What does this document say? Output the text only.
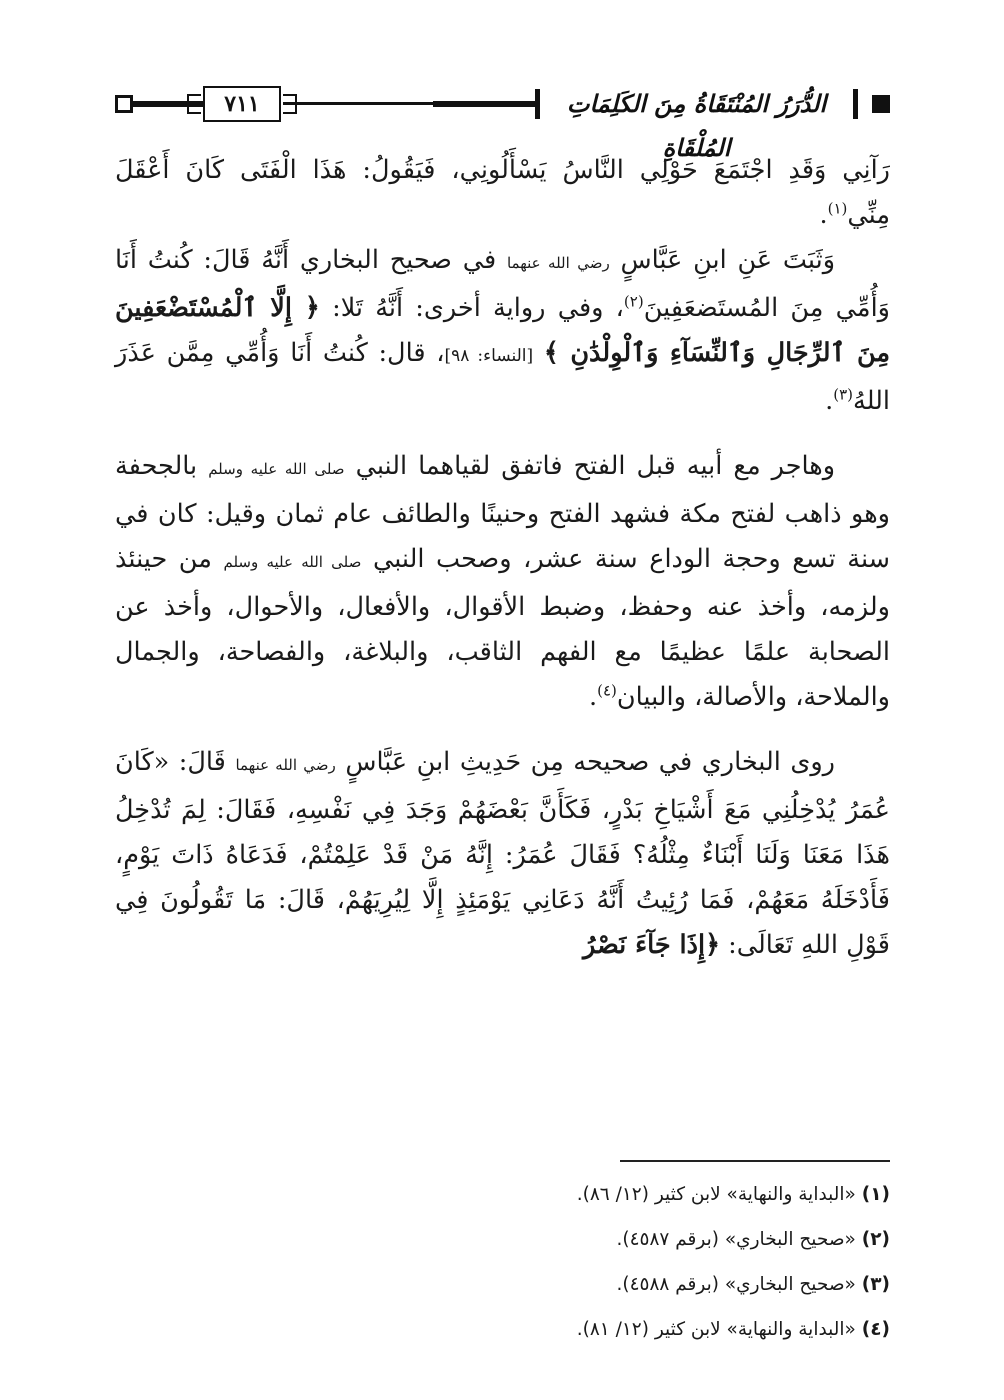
٧١١	الدُّرَرُ المُنْتَقَاةُ مِنَ الكَلِمَاتِ المُلْقَاةِ

رَآنِي وَقَدِ اجْتَمَعَ حَوْلِي النَّاسُ يَسْأَلُونِي، فَيَقُولُ: هَذَا الْفَتَى كَانَ أَعْقَلَ مِنِّي$^{(١)}$.

وَثَبَتَ عَنِ ابنِ عَبَّاسٍ رضي الله عنهما في صحيح البخاري أَنَّهُ قَالَ: كُنتُ أَنَا وَأُمِّي مِنَ المُستَضعَفِينَ$^{(٢)}$، وفي رواية أخرى: أَنَّهُ تَلا: ﴿ إِلَّا ٱلْمُسْتَضْعَفِينَ مِنَ ٱلرِّجَالِ وَٱلنِّسَآءِ وَٱلْوِلْدَٰنِ ﴾ [النساء: ٩٨]، قال: كُنتُ أَنَا وَأُمِّي مِمَّن عَذَرَ اللهُ$^{(٣)}$.

وهاجر مع أبيه قبل الفتح فاتفق لقياهما النبي صلى الله عليه وسلم بالجحفة وهو ذاهب لفتح مكة فشهد الفتح وحنينًا والطائف عام ثمان وقيل: كان في سنة تسع وحجة الوداع سنة عشر، وصحب النبي صلى الله عليه وسلم من حينئذ ولزمه، وأخذ عنه وحفظ، وضبط الأقوال، والأفعال، والأحوال، وأخذ عن الصحابة علمًا عظيمًا مع الفهم الثاقب، والبلاغة، والفصاحة، والجمال والملاحة، والأصالة، والبيان$^{(٤)}$.

روى البخاري في صحيحه مِن حَدِيثِ ابنِ عَبَّاسٍ رضي الله عنهما قَالَ: «كَانَ عُمَرُ يُدْخِلُنِي مَعَ أَشْيَاخِ بَدْرٍ، فَكَأَنَّ بَعْضَهُمْ وَجَدَ فِي نَفْسِهِ، فَقَالَ: لِمَ تُدْخِلُ هَذَا مَعَنَا وَلَنَا أَبْنَاءٌ مِثْلُهُ؟ فَقَالَ عُمَرُ: إِنَّهُ مَنْ قَدْ عَلِمْتُمْ، فَدَعَاهُ ذَاتَ يَوْمٍ، فَأَدْخَلَهُ مَعَهُمْ، فَمَا رُئِيتُ أَنَّهُ دَعَانِي يَوْمَئِذٍ إِلَّا لِيُرِيَهُمْ، قَالَ: مَا تَقُولُونَ فِي قَوْلِ اللهِ تَعَالَى: ﴿إِذَا جَآءَ نَصْرُ

(١) «البداية والنهاية» لابن كثير (١٢/ ٨٦).

(٢) «صحيح البخاري» (برقم ٤٥٨٧).

(٣) «صحيح البخاري» (برقم ٤٥٨٨).

(٤) «البداية والنهاية» لابن كثير (١٢/ ٨١).
